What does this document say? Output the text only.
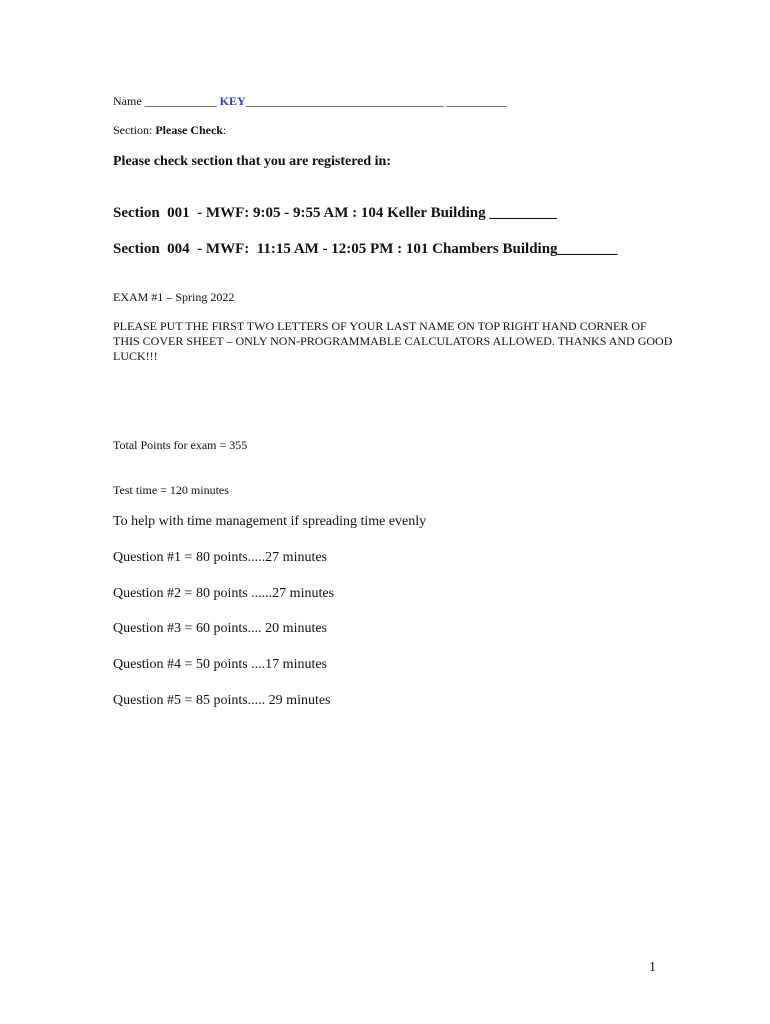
Name ____________ KEY_________________________________ __________
Section: Please Check:
Please check section that you are registered in:
Section  001  - MWF: 9:05 - 9:55 AM : 104 Keller Building _________
Section  004  - MWF:  11:15 AM - 12:05 PM : 101 Chambers Building________
EXAM #1 – Spring 2022
PLEASE PUT THE FIRST TWO LETTERS OF YOUR LAST NAME ON TOP RIGHT HAND CORNER OF THIS COVER SHEET – ONLY NON-PROGRAMMABLE CALCULATORS ALLOWED. THANKS AND GOOD LUCK!!!
Total Points for exam = 355
Test time = 120 minutes
To help with time management if spreading time evenly
Question #1 = 80 points.....27 minutes
Question #2 = 80 points ......27 minutes
Question #3 = 60 points.... 20 minutes
Question #4 = 50 points ....17 minutes
Question #5 = 85 points..... 29 minutes
1
